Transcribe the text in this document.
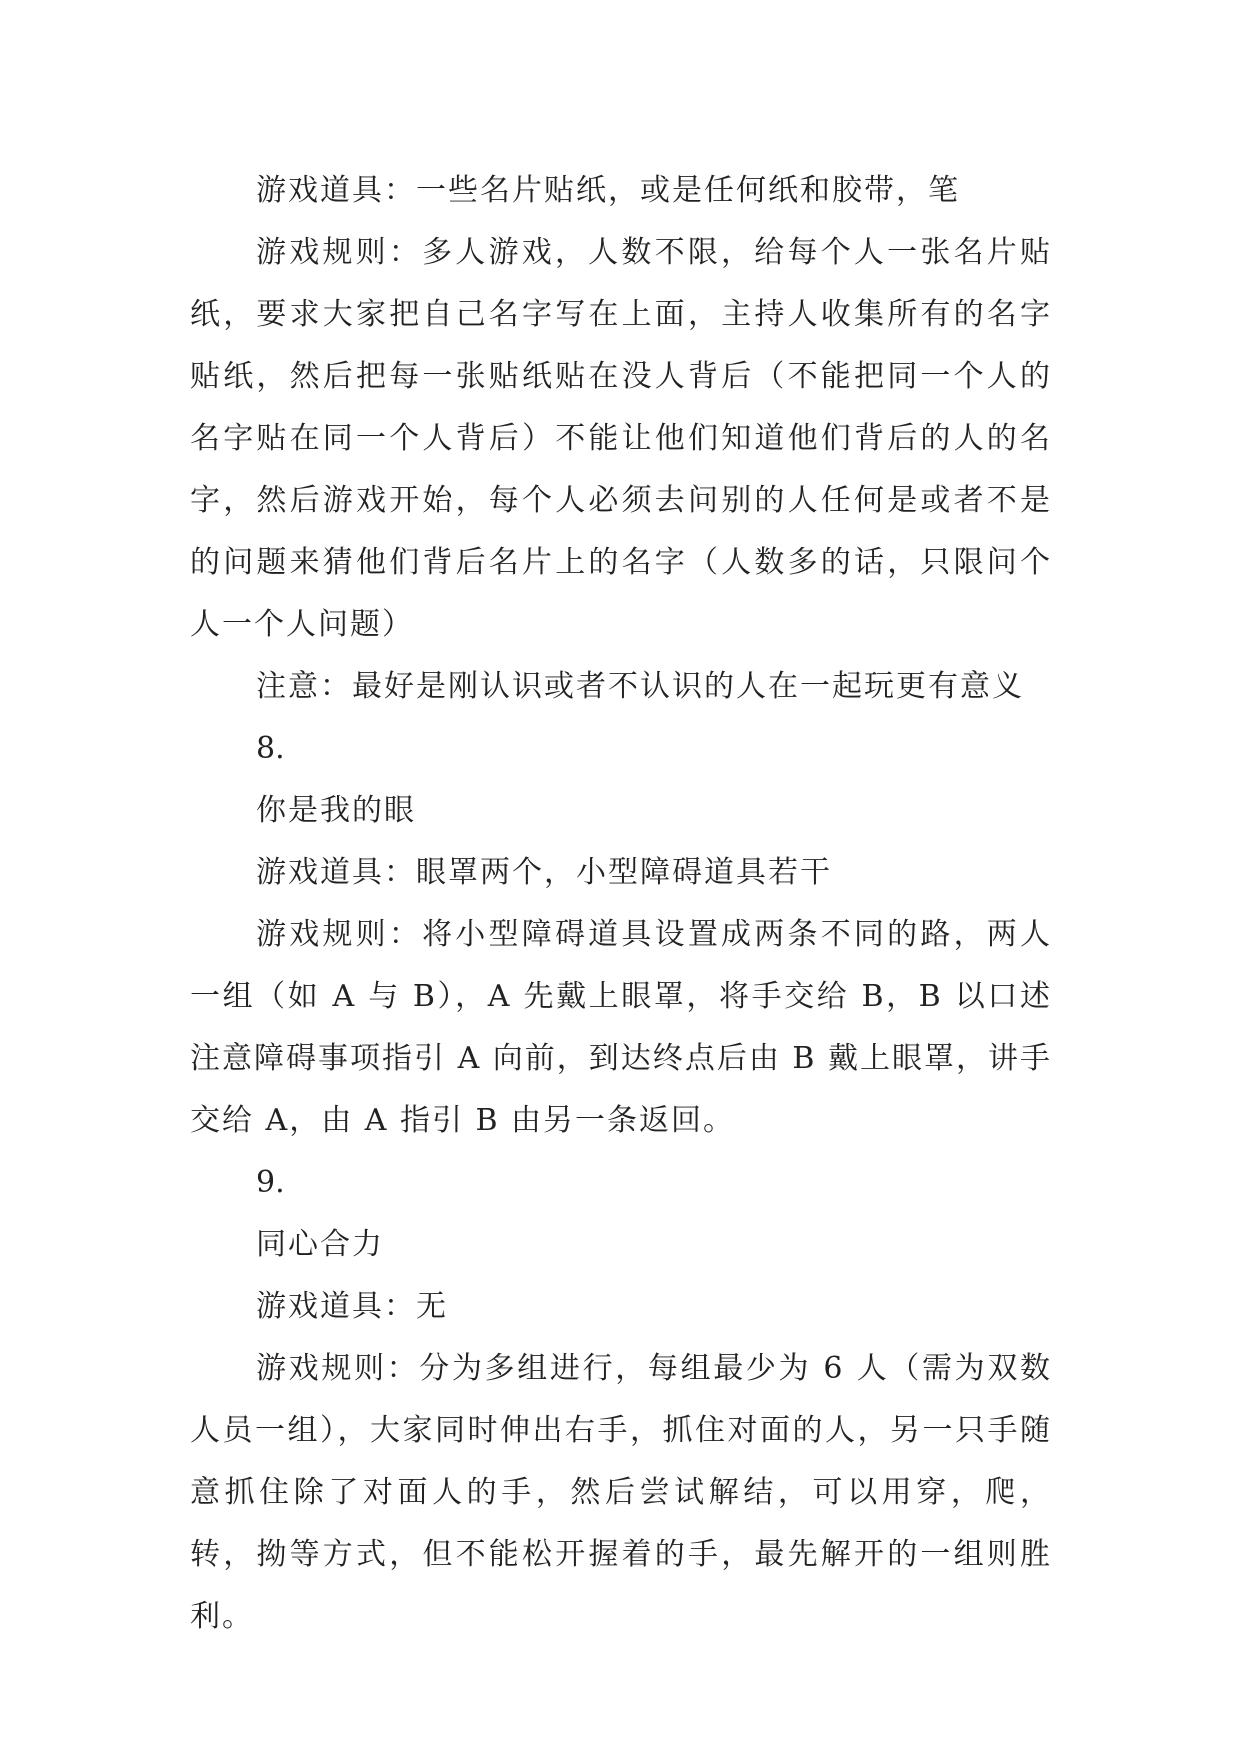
游戏道具：一些名片贴纸，或是任何纸和胶带，笔

游戏规则：多人游戏，人数不限，给每个人一张名片贴纸，要求大家把自己名字写在上面，主持人收集所有的名字贴纸，然后把每一张贴纸贴在没人背后（不能把同一个人的名字贴在同一个人背后）不能让他们知道他们背后的人的名字，然后游戏开始，每个人必须去问别的人任何是或者不是的问题来猜他们背后名片上的名字（人数多的话，只限问个人一个人问题）

注意：最好是刚认识或者不认识的人在一起玩更有意义

8.

你是我的眼

游戏道具：眼罩两个，小型障碍道具若干

游戏规则：将小型障碍道具设置成两条不同的路，两人一组（如 A 与 B），A 先戴上眼罩，将手交给 B，B 以口述注意障碍事项指引 A 向前，到达终点后由 B 戴上眼罩，讲手交给 A，由 A 指引 B 由另一条返回。

9.

同心合力

游戏道具：无

游戏规则：分为多组进行，每组最少为 6 人（需为双数人员一组），大家同时伸出右手，抓住对面的人，另一只手随意抓住除了对面人的手，然后尝试解结，可以用穿，爬，转，拗等方式，但不能松开握着的手，最先解开的一组则胜利。
